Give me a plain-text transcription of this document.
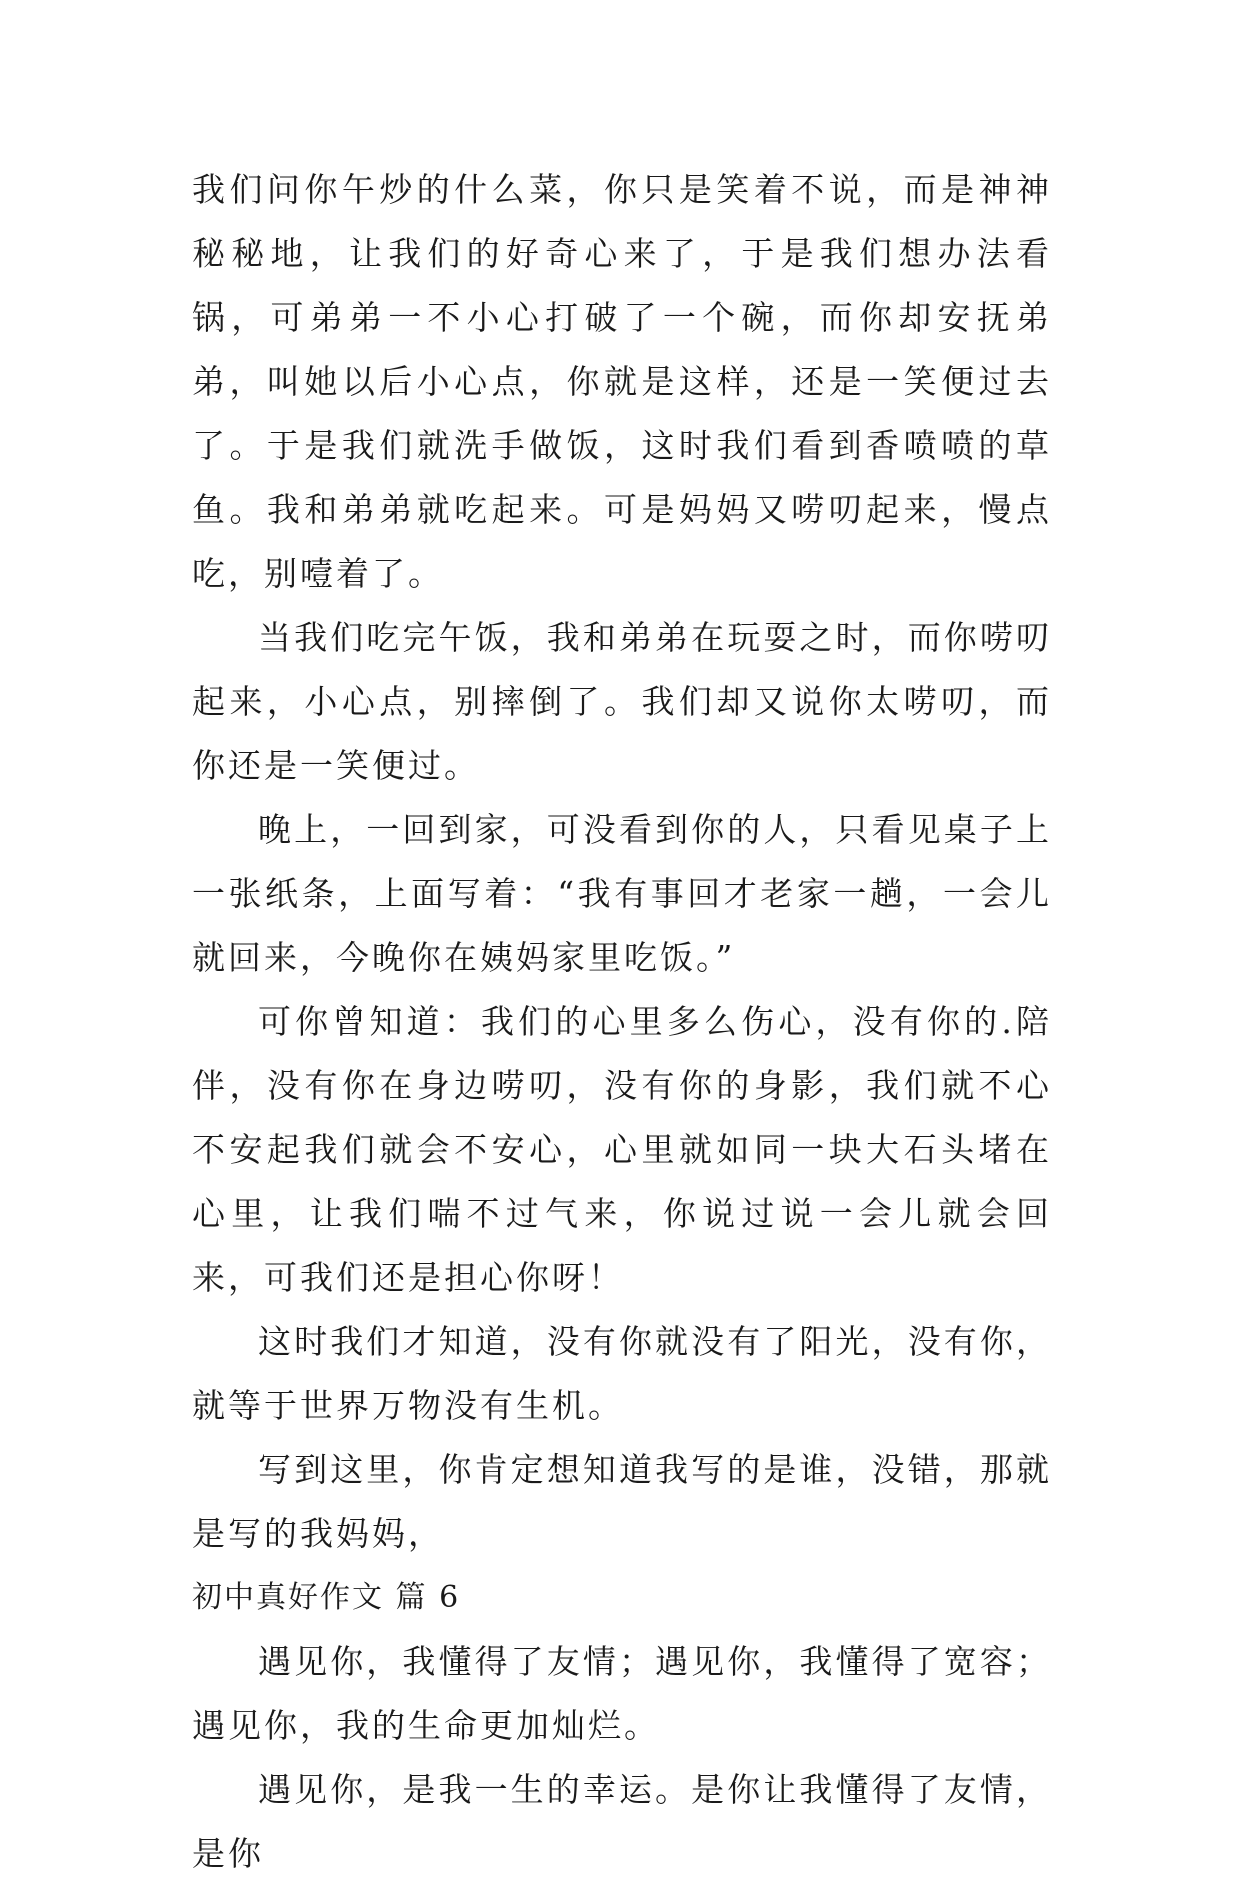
我们问你午炒的什么菜，你只是笑着不说，而是神神秘秘地，让我们的好奇心来了，于是我们想办法看锅，可弟弟一不小心打破了一个碗，而你却安抚弟弟，叫她以后小心点，你就是这样，还是一笑便过去了。于是我们就洗手做饭，这时我们看到香喷喷的草鱼。我和弟弟就吃起来。可是妈妈又唠叨起来，慢点吃，别噎着了。

当我们吃完午饭，我和弟弟在玩耍之时，而你唠叨起来，小心点，别摔倒了。我们却又说你太唠叨，而你还是一笑便过。

晚上，一回到家，可没看到你的人，只看见桌子上一张纸条，上面写着：“我有事回才老家一趟，一会儿就回来，今晚你在姨妈家里吃饭。”

可你曾知道：我们的心里多么伤心，没有你的.陪伴，没有你在身边唠叨，没有你的身影，我们就不心不安起我们就会不安心，心里就如同一块大石头堵在心里，让我们喘不过气来，你说过说一会儿就会回来，可我们还是担心你呀！

这时我们才知道，没有你就没有了阳光，没有你，就等于世界万物没有生机。

写到这里，你肯定想知道我写的是谁，没错，那就是写的我妈妈，

初中真好作文 篇 6

遇见你，我懂得了友情；遇见你，我懂得了宽容；遇见你，我的生命更加灿烂。

遇见你，是我一生的幸运。是你让我懂得了友情，是你
